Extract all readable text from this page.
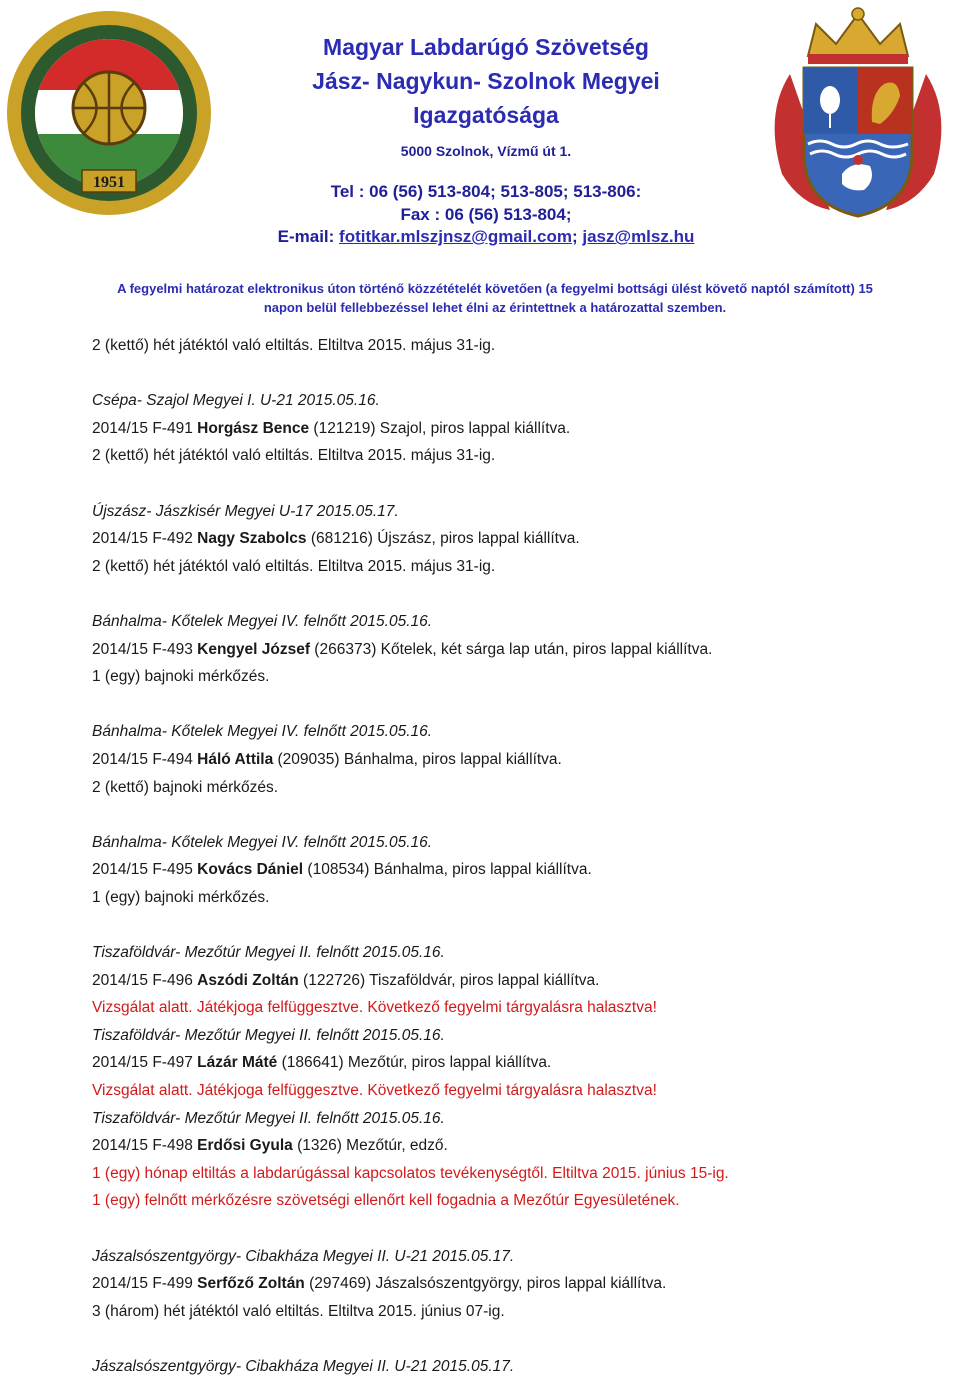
1951

Magyar Labdarúgó Szövetség

Jász- Nagykun- Szolnok Megyei

Igazgatósága

5000 Szolnok, Vízmű út 1.

Tel : 06 (56) 513-804; 513-805; 513-806:

Fax : 06 (56) 513-804;

E-mail: fotitkar.mlszjnsz@gmail.com; jasz@mlsz.hu

A fegyelmi határozat elektronikus úton történő közzétételét követően (a fegyelmi bottsági ülést követő naptól számított) 15

napon belül fellebbezéssel lehet élni az érintettnek a határozattal szemben.

2 (kettő) hét játéktól való eltiltás. Eltiltva 2015. május 31-ig.

Csépa- Szajol Megyei I. U-21 2015.05.16.

2014/15 F-491 Horgász Bence (121219) Szajol, piros lappal kiállítva.

2 (kettő) hét játéktól való eltiltás. Eltiltva 2015. május 31-ig.

Újszász- Jászkisér Megyei U-17 2015.05.17.

2014/15 F-492 Nagy Szabolcs (681216) Újszász, piros lappal kiállítva.

2 (kettő) hét játéktól való eltiltás. Eltiltva 2015. május 31-ig.

Bánhalma- Kőtelek Megyei IV. felnőtt 2015.05.16.

2014/15 F-493 Kengyel József (266373) Kőtelek, két sárga lap után, piros lappal kiállítva.

1 (egy) bajnoki mérkőzés.

Bánhalma- Kőtelek Megyei IV. felnőtt 2015.05.16.

2014/15 F-494 Háló Attila (209035) Bánhalma, piros lappal kiállítva.

2 (kettő) bajnoki mérkőzés.

Bánhalma- Kőtelek Megyei IV. felnőtt 2015.05.16.

2014/15 F-495 Kovács Dániel (108534) Bánhalma, piros lappal kiállítva.

1 (egy) bajnoki mérkőzés.

Tiszaföldvár- Mezőtúr Megyei II. felnőtt 2015.05.16.

2014/15 F-496 Aszódi Zoltán (122726) Tiszaföldvár, piros lappal kiállítva.

Vizsgálat alatt. Játékjoga felfüggesztve. Következő fegyelmi tárgyalásra halasztva!

Tiszaföldvár- Mezőtúr Megyei II. felnőtt 2015.05.16.

2014/15 F-497 Lázár Máté (186641) Mezőtúr, piros lappal kiállítva.

Vizsgálat alatt. Játékjoga felfüggesztve. Következő fegyelmi tárgyalásra halasztva!

Tiszaföldvár- Mezőtúr Megyei II. felnőtt 2015.05.16.

2014/15 F-498 Erdősi Gyula (1326) Mezőtúr, edző.

1 (egy) hónap eltiltás a labdarúgással kapcsolatos tevékenységtől. Eltiltva 2015. június 15-ig.

1 (egy) felnőtt mérkőzésre szövetségi ellenőrt kell fogadnia a Mezőtúr Egyesületének.

Jászalsószentgyörgy- Cibakháza Megyei II. U-21 2015.05.17.

2014/15 F-499 Serfőző Zoltán (297469) Jászalsószentgyörgy, piros lappal kiállítva.

3 (három) hét játéktól való eltiltás. Eltiltva 2015. június 07-ig.

Jászalsószentgyörgy- Cibakháza Megyei II. U-21 2015.05.17.
